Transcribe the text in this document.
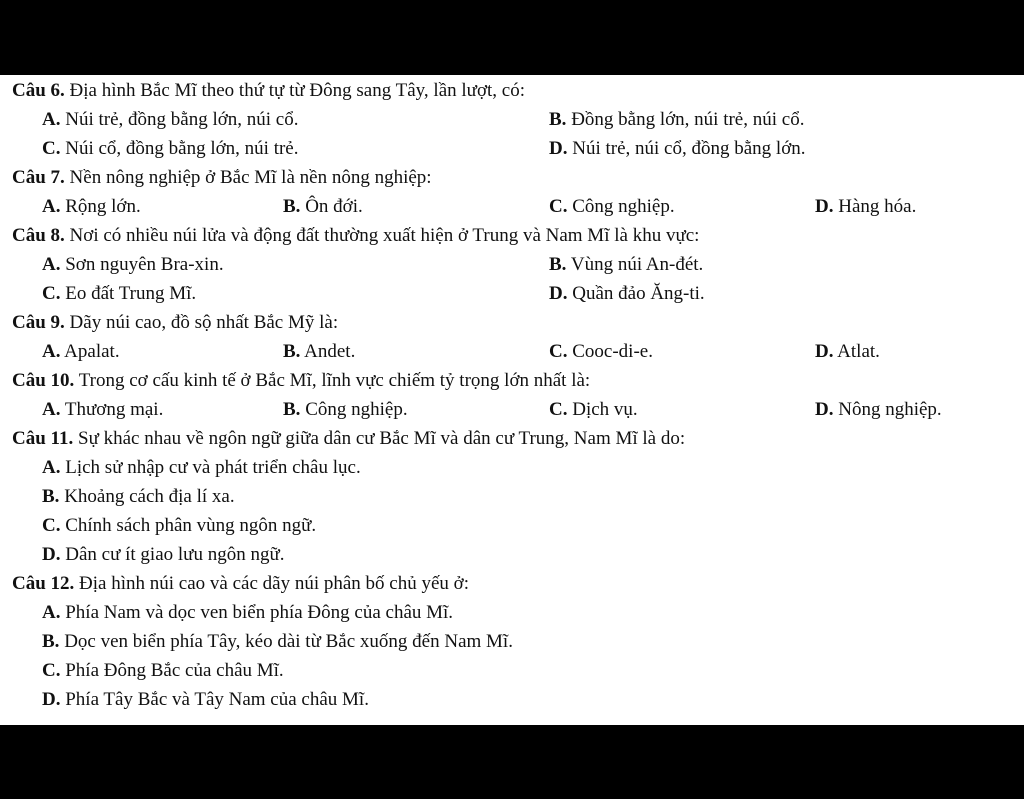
Câu 6. Địa hình Bắc Mĩ theo thứ tự từ Đông sang Tây, lần lượt, có:
A. Núi trẻ, đồng bằng lớn, núi cổ.	B. Đồng bằng lớn, núi trẻ, núi cổ.
C. Núi cổ, đồng bằng lớn, núi trẻ.	D. Núi trẻ, núi cổ, đồng bằng lớn.
Câu 7. Nền nông nghiệp ở Bắc Mĩ là nền nông nghiệp:
A. Rộng lớn.	B. Ôn đới.	C. Công nghiệp.	D. Hàng hóa.
Câu 8. Nơi có nhiều núi lửa và động đất thường xuất hiện ở Trung và Nam Mĩ là khu vực:
A. Sơn nguyên Bra-xin.	B. Vùng núi An-đét.
C. Eo đất Trung Mĩ.	D. Quần đảo Ăng-ti.
Câu 9. Dãy núi cao, đồ sộ nhất Bắc Mỹ là:
A. Apalat.	B. Andet.	C. Cooc-di-e.	D. Atlat.
Câu 10. Trong cơ cấu kinh tế ở Bắc Mĩ, lĩnh vực chiếm tỷ trọng lớn nhất là:
A. Thương mại.	B. Công nghiệp.	C. Dịch vụ.	D. Nông nghiệp.
Câu 11. Sự khác nhau về ngôn ngữ giữa dân cư Bắc Mĩ và dân cư Trung, Nam Mĩ là do:
A. Lịch sử nhập cư và phát triển châu lục.
B. Khoảng cách địa lí xa.
C. Chính sách phân vùng ngôn ngữ.
D. Dân cư ít giao lưu ngôn ngữ.
Câu 12. Địa hình núi cao và các dãy núi phân bố chủ yếu ở:
A. Phía Nam và dọc ven biển phía Đông của châu Mĩ.
B. Dọc ven biển phía Tây, kéo dài từ Bắc xuống đến Nam Mĩ.
C. Phía Đông Bắc của châu Mĩ.
D. Phía Tây Bắc và Tây Nam của châu Mĩ.
